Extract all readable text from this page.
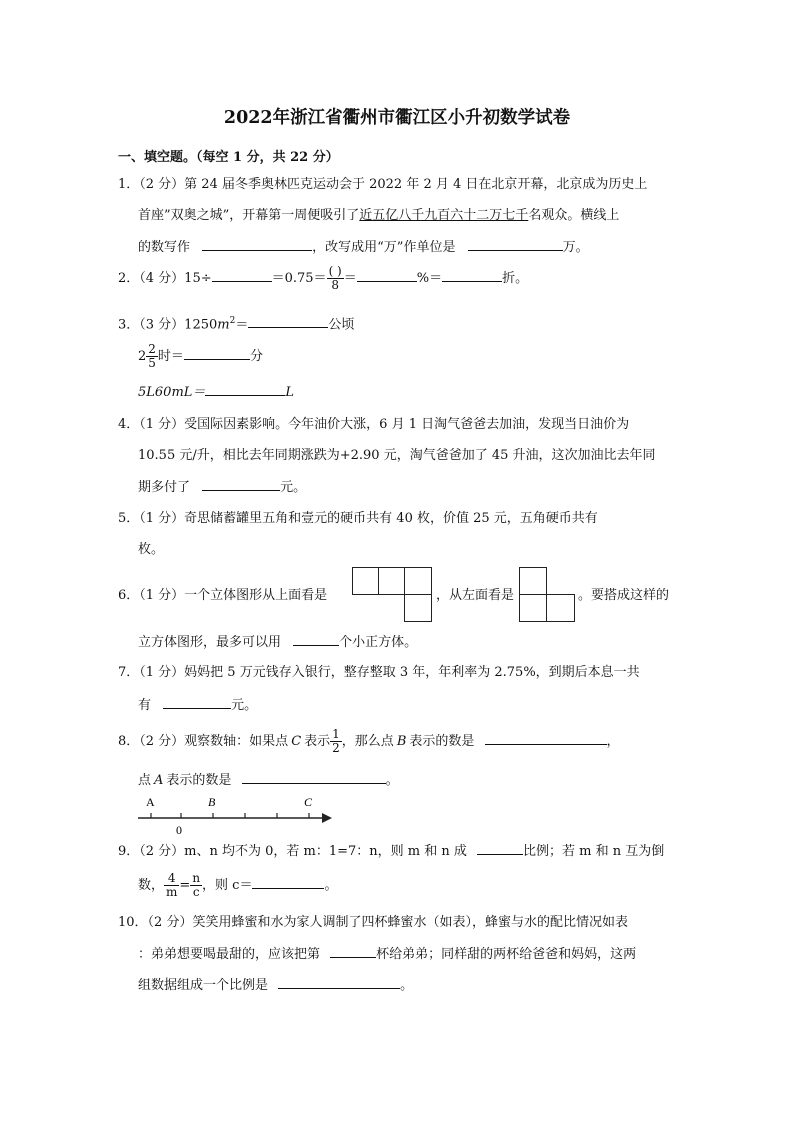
2022年浙江省衢州市衢江区小升初数学试卷
一、填空题。（每空 1 分，共 22 分）
1．（2 分）第 24 届冬季奥林匹克运动会于 2022 年 2 月 4 日在北京开幕，北京成为历史上
首座”双奥之城”，开幕第一周便吸引了近五亿八千九百六十二万七千名观众。横线上
的数写作	，改写成用“万”作单位是	万。
2．（4 分）15÷	$=0.75= \frac{( )}{8}$ ＝	%＝	折。
3．（3 分）$1250m^2=$	公顷
$2 \frac{2}{5}$ 时＝	分
5L60mL＝	L
4．（1 分）受国际因素影响。今年油价大涨，6 月 1 日淘气爸爸去加油，发现当日油价为
10.55 元/升，相比去年同期涨跌为+2.90 元，淘气爸爸加了 45 升油，这次加油比去年同
期多付了	元。
5．（1 分）奇思储蓄罐里五角和壹元的硬币共有 40 枚，价值 25 元，五角硬币共有
枚。
6．（1 分）一个立体图形从上面看是	，从左面看是	。要搭成这样的
立方体图形，最多可以用	个小正方体。
7．（1 分）妈妈把 5 万元钱存入银行，整存整取 3 年，年利率为 2.75%，到期后本息一共
有	元。
8．（2 分）观察数轴：如果点 C 表示 $\frac{1}{2}$ ，那么点 B 表示的数是	，
点 A 表示的数是	。
A	B	C
0
9．（2 分）m、n 均不为 0，若 m：1=7：n，则 m 和 n 成	比例；若 m 和 n 互为倒
数， $\frac{4}{m} = \frac{n}{c}$ ，则 c＝	。
10．（2 分）笑笑用蜂蜜和水为家人调制了四杯蜂蜜水（如表），蜂蜜与水的配比情况如表
：弟弟想要喝最甜的，应该把第	杯给弟弟；同样甜的两杯给爸爸和妈妈，这两
组数据组成一个比例是	。
